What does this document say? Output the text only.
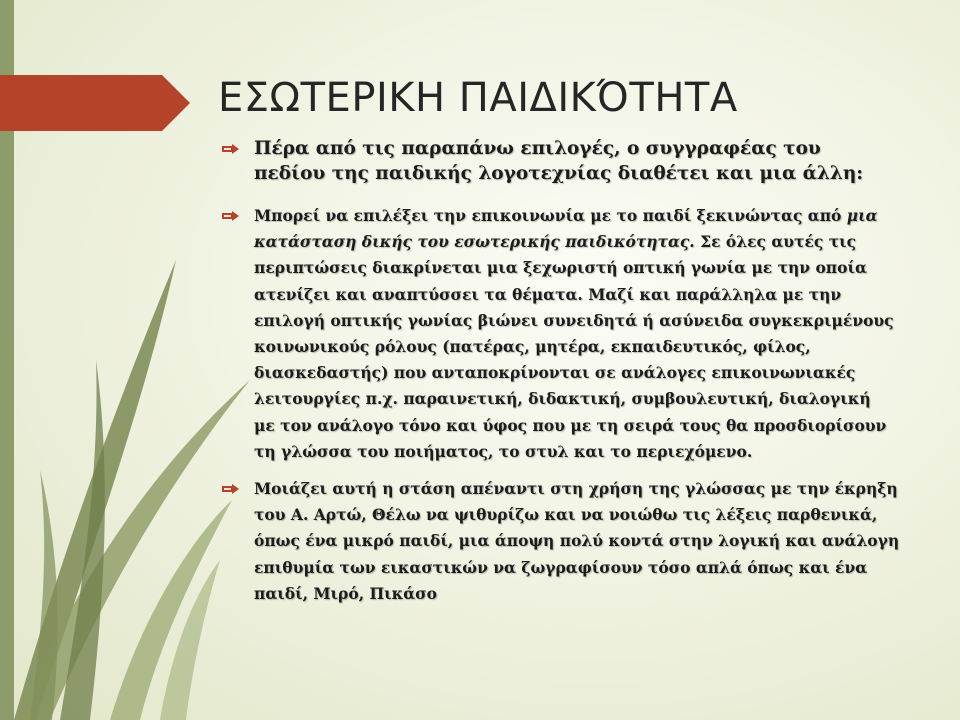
ΕΣΩΤΕΡΙΚΗ ΠΑΙΔΙΚΌΤΗΤΑ
Πέρα από τις παραπάνω επιλογές, ο συγγραφέας του πεδίου της παιδικής λογοτεχνίας διαθέτει και μια άλλη:
Μπορεί να επιλέξει την επικοινωνία με το παιδί ξεκινώντας από μια κατάσταση δικής του εσωτερικής παιδικότητας. Σε όλες αυτές τις περιπτώσεις διακρίνεται μια ξεχωριστή οπτική γωνία με την οποία ατενίζει και αναπτύσσει τα θέματα. Μαζί και παράλληλα με την επιλογή οπτικής γωνίας βιώνει συνειδητά ή ασύνειδα συγκεκριμένους κοινωνικούς ρόλους (πατέρας, μητέρα, εκπαιδευτικός, φίλος, διασκεδαστής) που ανταποκρίνονται σε ανάλογες επικοινωνιακές λειτουργίες π.χ. παραινετική, διδακτική, συμβουλευτική, διαλογική με τον ανάλογο τόνο και ύφος που με τη σειρά τους θα προσδιορίσουν τη γλώσσα του ποιήματος, το στυλ και το περιεχόμενο.
Μοιάζει αυτή η στάση απέναντι στη χρήση της γλώσσας με την έκρηξη του Α. Αρτώ, Θέλω να ψιθυρίζω και να νοιώθω τις λέξεις παρθενικά, όπως ένα μικρό παιδί, μια άποψη πολύ κοντά στην λογική και ανάλογη επιθυμία των εικαστικών να ζωγραφίσουν τόσο απλά όπως και ένα παιδί, Μιρό, Πικάσο
